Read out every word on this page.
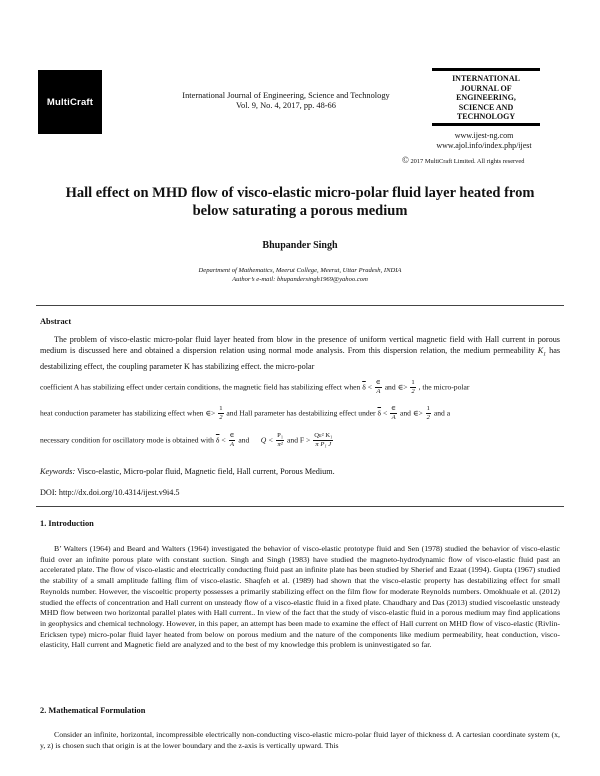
MultiCraft
International Journal of Engineering, Science and Technology
Vol. 9, No. 4, 2017, pp. 48-66
INTERNATIONAL
JOURNAL OF
ENGINEERING,
SCIENCE AND
TECHNOLOGY
www.ijest-ng.com
www.ajol.info/index.php/ijest
© 2017 MultiCraft Limited. All rights reserved
Hall effect on MHD flow of visco-elastic micro-polar fluid layer heated from
below saturating a porous medium
Bhupander Singh
Department of Mathematics, Meerut College, Meerut, Uttar Pradesh, INDIA
Author’s e-mail: bhupandersingh1969@yahoo.com
Abstract
The problem of visco-elastic micro-polar fluid layer heated from blow in the presence of uniform vertical magnetic field with Hall current in porous medium is discussed here and obtained a dispersion relation using normal mode analysis. From this dispersion relation, the medium permeability $K_1$ has destabilizing effect, the coupling parameter K has stabilizing effect. the micro-polar
coefficient A has stabilizing effect under certain conditions, the magnetic field has stabilizing effect when $\overline{\delta} < \frac{\in}{A}$ and ∈> $\frac{1}{2}$ , the micro-polar
heat conduction parameter has stabilizing effect when ∈> $\frac{1}{2}$ and Hall parameter has destabilizing effect under $\overline{\delta} < \frac{\in}{A}$ and ∈> $\frac{1}{2}$ and a
necessary condition for oscillatory mode is obtained with $\overline{\delta} < \frac{\in}{A}$ and $Q < \frac{\text{P₁}}{\text{π²}}$ and $F > \frac{\text{Qε² K₁}}{\text{π P₁ J}}$
Keywords: Visco-elastic, Micro-polar fluid, Magnetic field, Hall current, Porous Medium.
DOI: http://dx.doi.org/10.4314/ijest.v9i4.5
1. Introduction
B’ Walters (1964) and Beard and Walters (1964) investigated the behavior of visco-elastic prototype fluid and Sen (1978) studied the behavior of visco-elastic fluid over an infinite porous plate with constant suction. Singh and Singh (1983) have studied the magneto-hydrodynamic flow of visco-elastic fluid past an accelerated plate. The flow of visco-elastic and electrically conducting fluid past an infinite plate has been studied by Sherief and Ezaat (1994). Gupta (1967) studied the stability of a small amplitude falling flim of visco-elastic. Shaqfeh et al. (1989) had shown that the visco-elastic property has destabilizing effect for small Reynolds number. However, the viscoeltic property possesses a primarily stabilizing effect on the film flow for moderate Reynolds numbers. Omokhuale et al. (2012) studied the effects of concentration and Hall current on unsteady flow of a visco-elastic fluid in a fixed plate. Chaudhary and Das (2013) studied viscoelastic unsteady MHD flow between two horizontal parallel plates with Hall current.. In view of the fact that the study of visco-elastic fluid in a porous medium may find applications in geophysics and chemical technology. However, in this paper, an attempt has been made to examine the effect of Hall current on MHD flow of visco-elastic (Rivlin-Ericksen type) micro-polar fluid layer heated from below on porous medium and the nature of the components like medium permeability, heat conduction, visco-elasticity, Hall current and Magnetic field are analyzed and to the best of my knowledge this problem is uninvestigated so far.
2. Mathematical Formulation
Consider an infinite, horizontal, incompressible electrically non-conducting visco-elastic micro-polar fluid layer of thickness d. A cartesian coordinate system (x, y, z) is chosen such that origin is at the lower boundary and the z-axis is vertically upward. This
